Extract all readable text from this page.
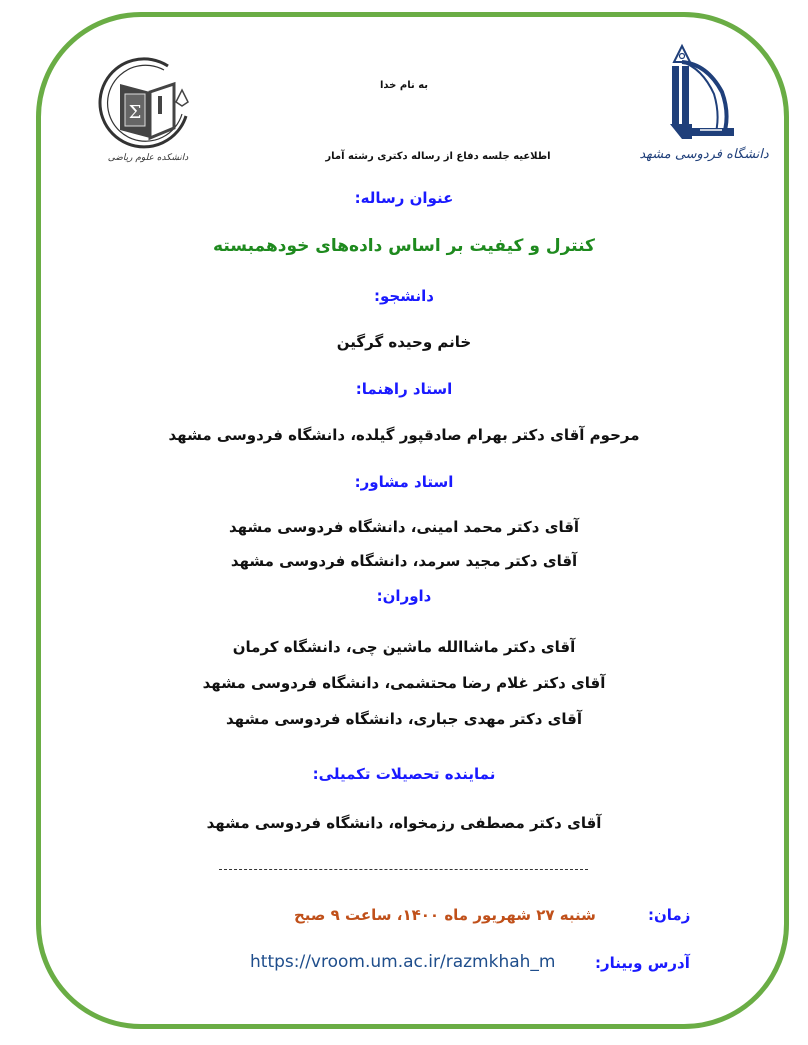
دانشگاه فردوسی مشهد
Σ
دانشکده علوم ریاضی
به نام خدا
اطلاعیه جلسه دفاع از رساله دکتری رشته آمار
عنوان رساله:
کنترل و کیفیت بر اساس داده‌های خودهمبسته
دانشجو:
خانم وحیده گرگین
استاد راهنما:
مرحوم آقای دکتر بهرام صادقپور گیلده، دانشگاه فردوسی مشهد
استاد مشاور:
آقای دکتر محمد امینی، دانشگاه فردوسی مشهد
آقای دکتر مجید سرمد، دانشگاه فردوسی مشهد
داوران:
آقای دکتر ماشاالله ماشین چی، دانشگاه کرمان
آقای دکتر غلام رضا محتشمی، دانشگاه فردوسی مشهد
آقای دکتر مهدی جباری، دانشگاه فردوسی مشهد
نماینده تحصیلات تکمیلی:
آقای دکتر مصطفی رزمخواه، دانشگاه فردوسی مشهد
زمان:
شنبه ۲۷ شهریور ماه ۱۴۰۰، ساعت ۹ صبح
آدرس وبینار:
https://vroom.um.ac.ir/razmkhah_m
